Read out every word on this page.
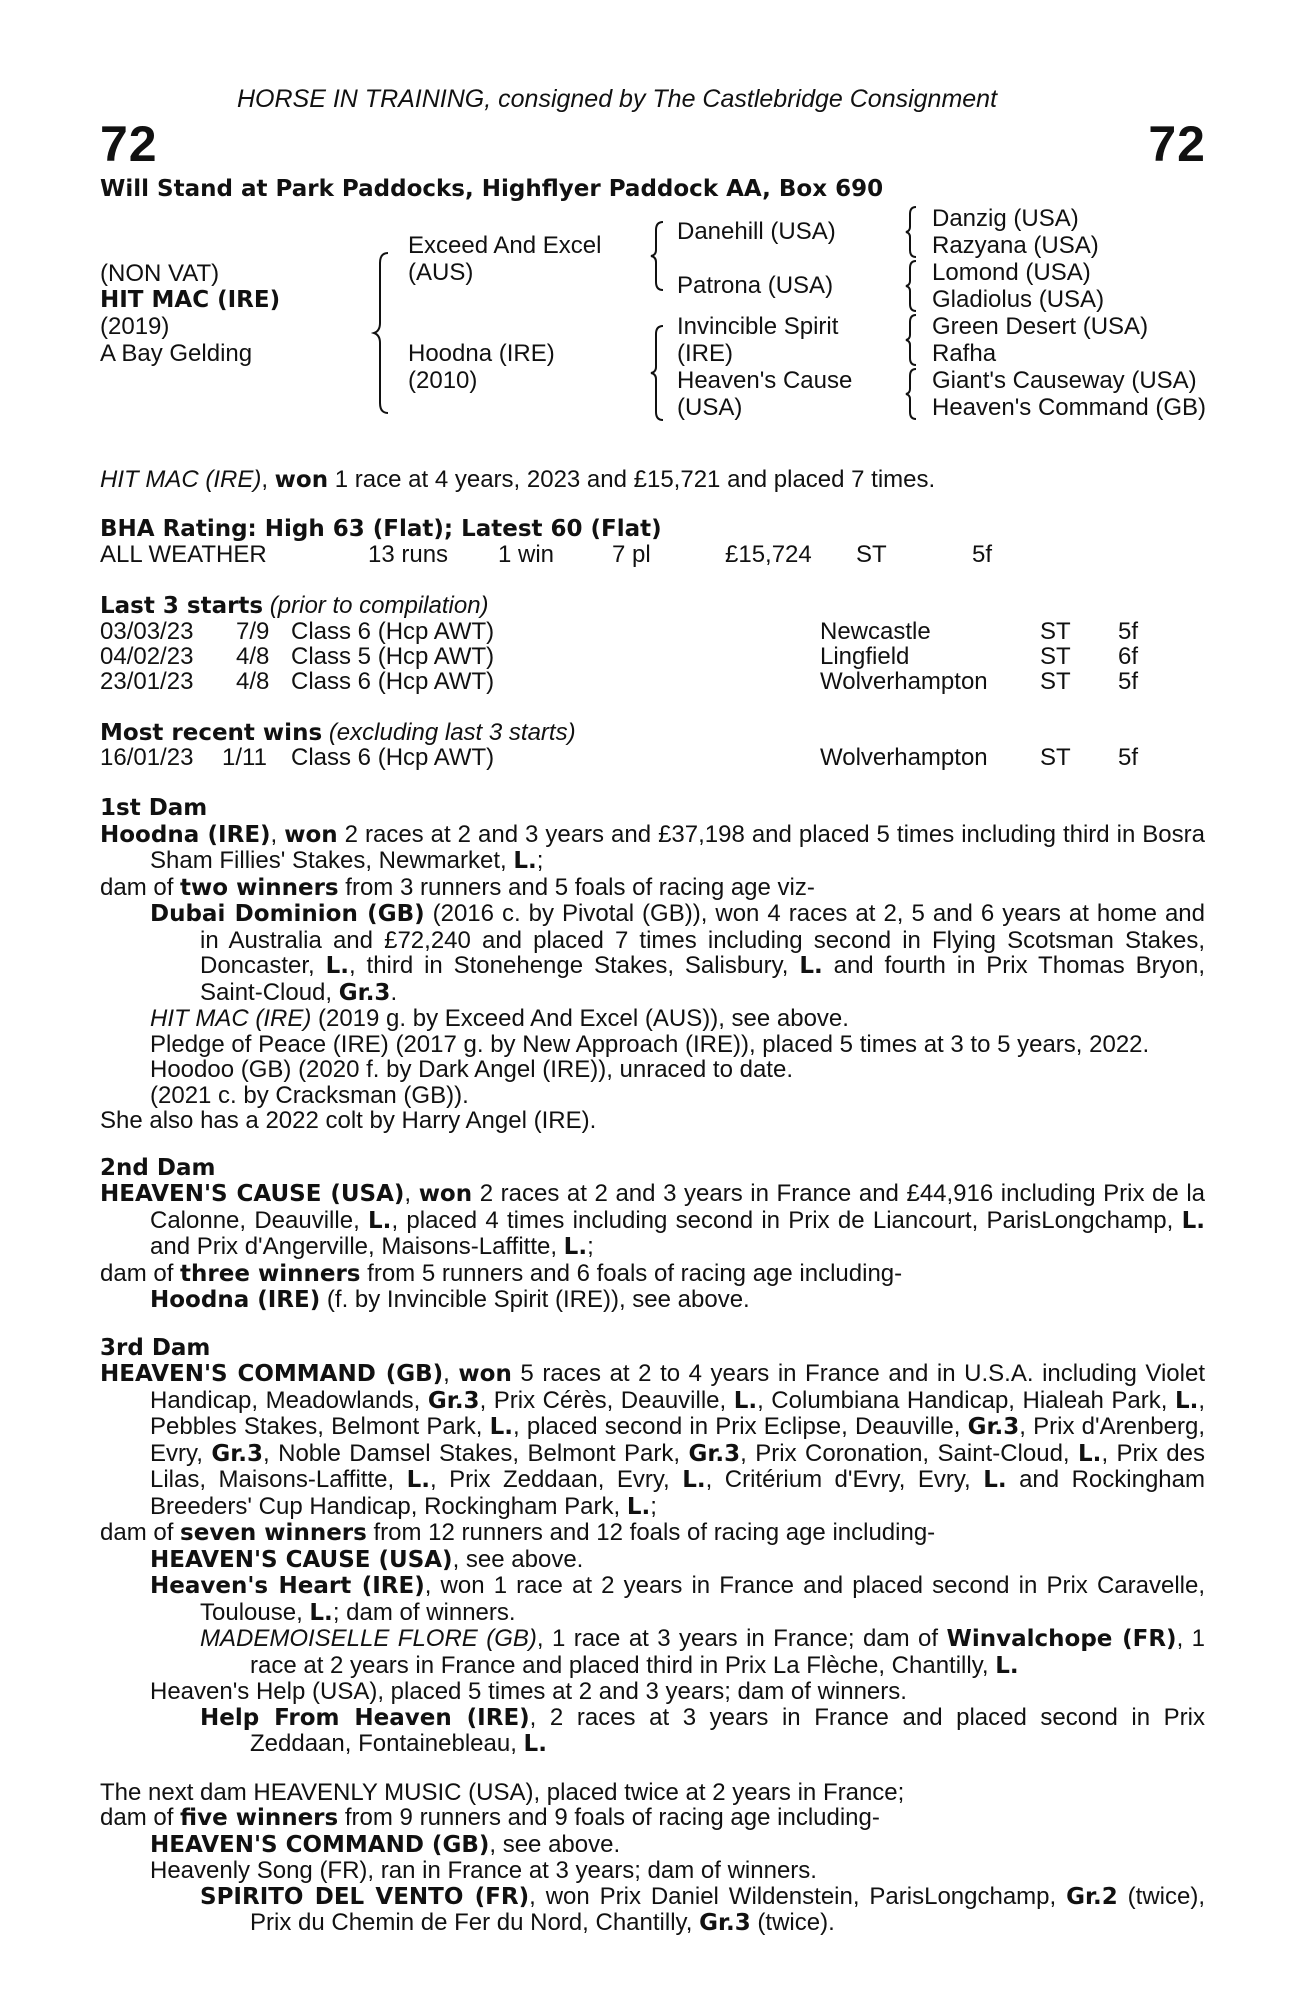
HORSE IN TRAINING, consigned by The Castlebridge Consignment
72	72
Will Stand at Park Paddocks, Highflyer Paddock AA, Box 690
(NON VAT)
HIT MAC (IRE)
(2019)
A Bay Gelding
Exceed And Excel
(AUS)
Hoodna (IRE)
(2010)
Danehill (USA)
Patrona (USA)
Invincible Spirit
(IRE)
Heaven's Cause
(USA)
Danzig (USA)
Razyana (USA)
Lomond (USA)
Gladiolus (USA)
Green Desert (USA)
Rafha
Giant's Causeway (USA)
Heaven's Command (GB)
HIT MAC (IRE), won 1 race at 4 years, 2023 and £15,721 and placed 7 times.
BHA Rating: High 63 (Flat); Latest 60 (Flat)
ALL WEATHER	13 runs 1 win 7 pl	£15,724 ST	5f
Last 3 starts (prior to compilation)
03/03/23 7/9 Class 6 (Hcp AWT)	Newcastle	ST 5f
04/02/23 4/8 Class 5 (Hcp AWT)	Lingfield	ST 6f
23/01/23 4/8 Class 6 (Hcp AWT)	Wolverhampton ST 5f
Most recent wins (excluding last 3 starts)
16/01/23 1/11 Class 6 (Hcp AWT)	Wolverhampton ST 5f

1st Dam

Hoodna (IRE), won 2 races at 2 and 3 years and £37,198 and placed 5 times including third in Bosra Sham Fillies' Stakes, Newmarket, L.;

dam of two winners from 3 runners and 5 foals of racing age viz-

Dubai Dominion (GB) (2016 c. by Pivotal (GB)), won 4 races at 2, 5 and 6 years at home and in Australia and £72,240 and placed 7 times including second in Flying Scotsman Stakes, Doncaster, L., third in Stonehenge Stakes, Salisbury, L. and fourth in Prix Thomas Bryon, Saint-Cloud, Gr.3.

HIT MAC (IRE) (2019 g. by Exceed And Excel (AUS)), see above.

Pledge of Peace (IRE) (2017 g. by New Approach (IRE)), placed 5 times at 3 to 5 years, 2022.

Hoodoo (GB) (2020 f. by Dark Angel (IRE)), unraced to date.

(2021 c. by Cracksman (GB)).

She also has a 2022 colt by Harry Angel (IRE).

2nd Dam

HEAVEN'S CAUSE (USA), won 2 races at 2 and 3 years in France and £44,916 including Prix de la Calonne, Deauville, L., placed 4 times including second in Prix de Liancourt, ParisLongchamp, L. and Prix d'Angerville, Maisons-Laffitte, L.;

dam of three winners from 5 runners and 6 foals of racing age including-

Hoodna (IRE) (f. by Invincible Spirit (IRE)), see above.

3rd Dam

HEAVEN'S COMMAND (GB), won 5 races at 2 to 4 years in France and in U.S.A. including Violet Handicap, Meadowlands, Gr.3, Prix Cérès, Deauville, L., Columbiana Handicap, Hialeah Park, L., Pebbles Stakes, Belmont Park, L., placed second in Prix Eclipse, Deauville, Gr.3, Prix d'Arenberg, Evry, Gr.3, Noble Damsel Stakes, Belmont Park, Gr.3, Prix Coronation, Saint-Cloud, L., Prix des Lilas, Maisons-Laffitte, L., Prix Zeddaan, Evry, L., Critérium d'Evry, Evry, L. and Rockingham Breeders' Cup Handicap, Rockingham Park, L.;

dam of seven winners from 12 runners and 12 foals of racing age including-

HEAVEN'S CAUSE (USA), see above.

Heaven's Heart (IRE), won 1 race at 2 years in France and placed second in Prix Caravelle, Toulouse, L.; dam of winners.

MADEMOISELLE FLORE (GB), 1 race at 3 years in France; dam of Winvalchope (FR), 1 race at 2 years in France and placed third in Prix La Flèche, Chantilly, L.

Heaven's Help (USA), placed 5 times at 2 and 3 years; dam of winners.

Help From Heaven (IRE), 2 races at 3 years in France and placed second in Prix Zeddaan, Fontainebleau, L.

The next dam HEAVENLY MUSIC (USA), placed twice at 2 years in France;

dam of five winners from 9 runners and 9 foals of racing age including-

HEAVEN'S COMMAND (GB), see above.

Heavenly Song (FR), ran in France at 3 years; dam of winners.

SPIRITO DEL VENTO (FR), won Prix Daniel Wildenstein, ParisLongchamp, Gr.2 (twice), Prix du Chemin de Fer du Nord, Chantilly, Gr.3 (twice).
